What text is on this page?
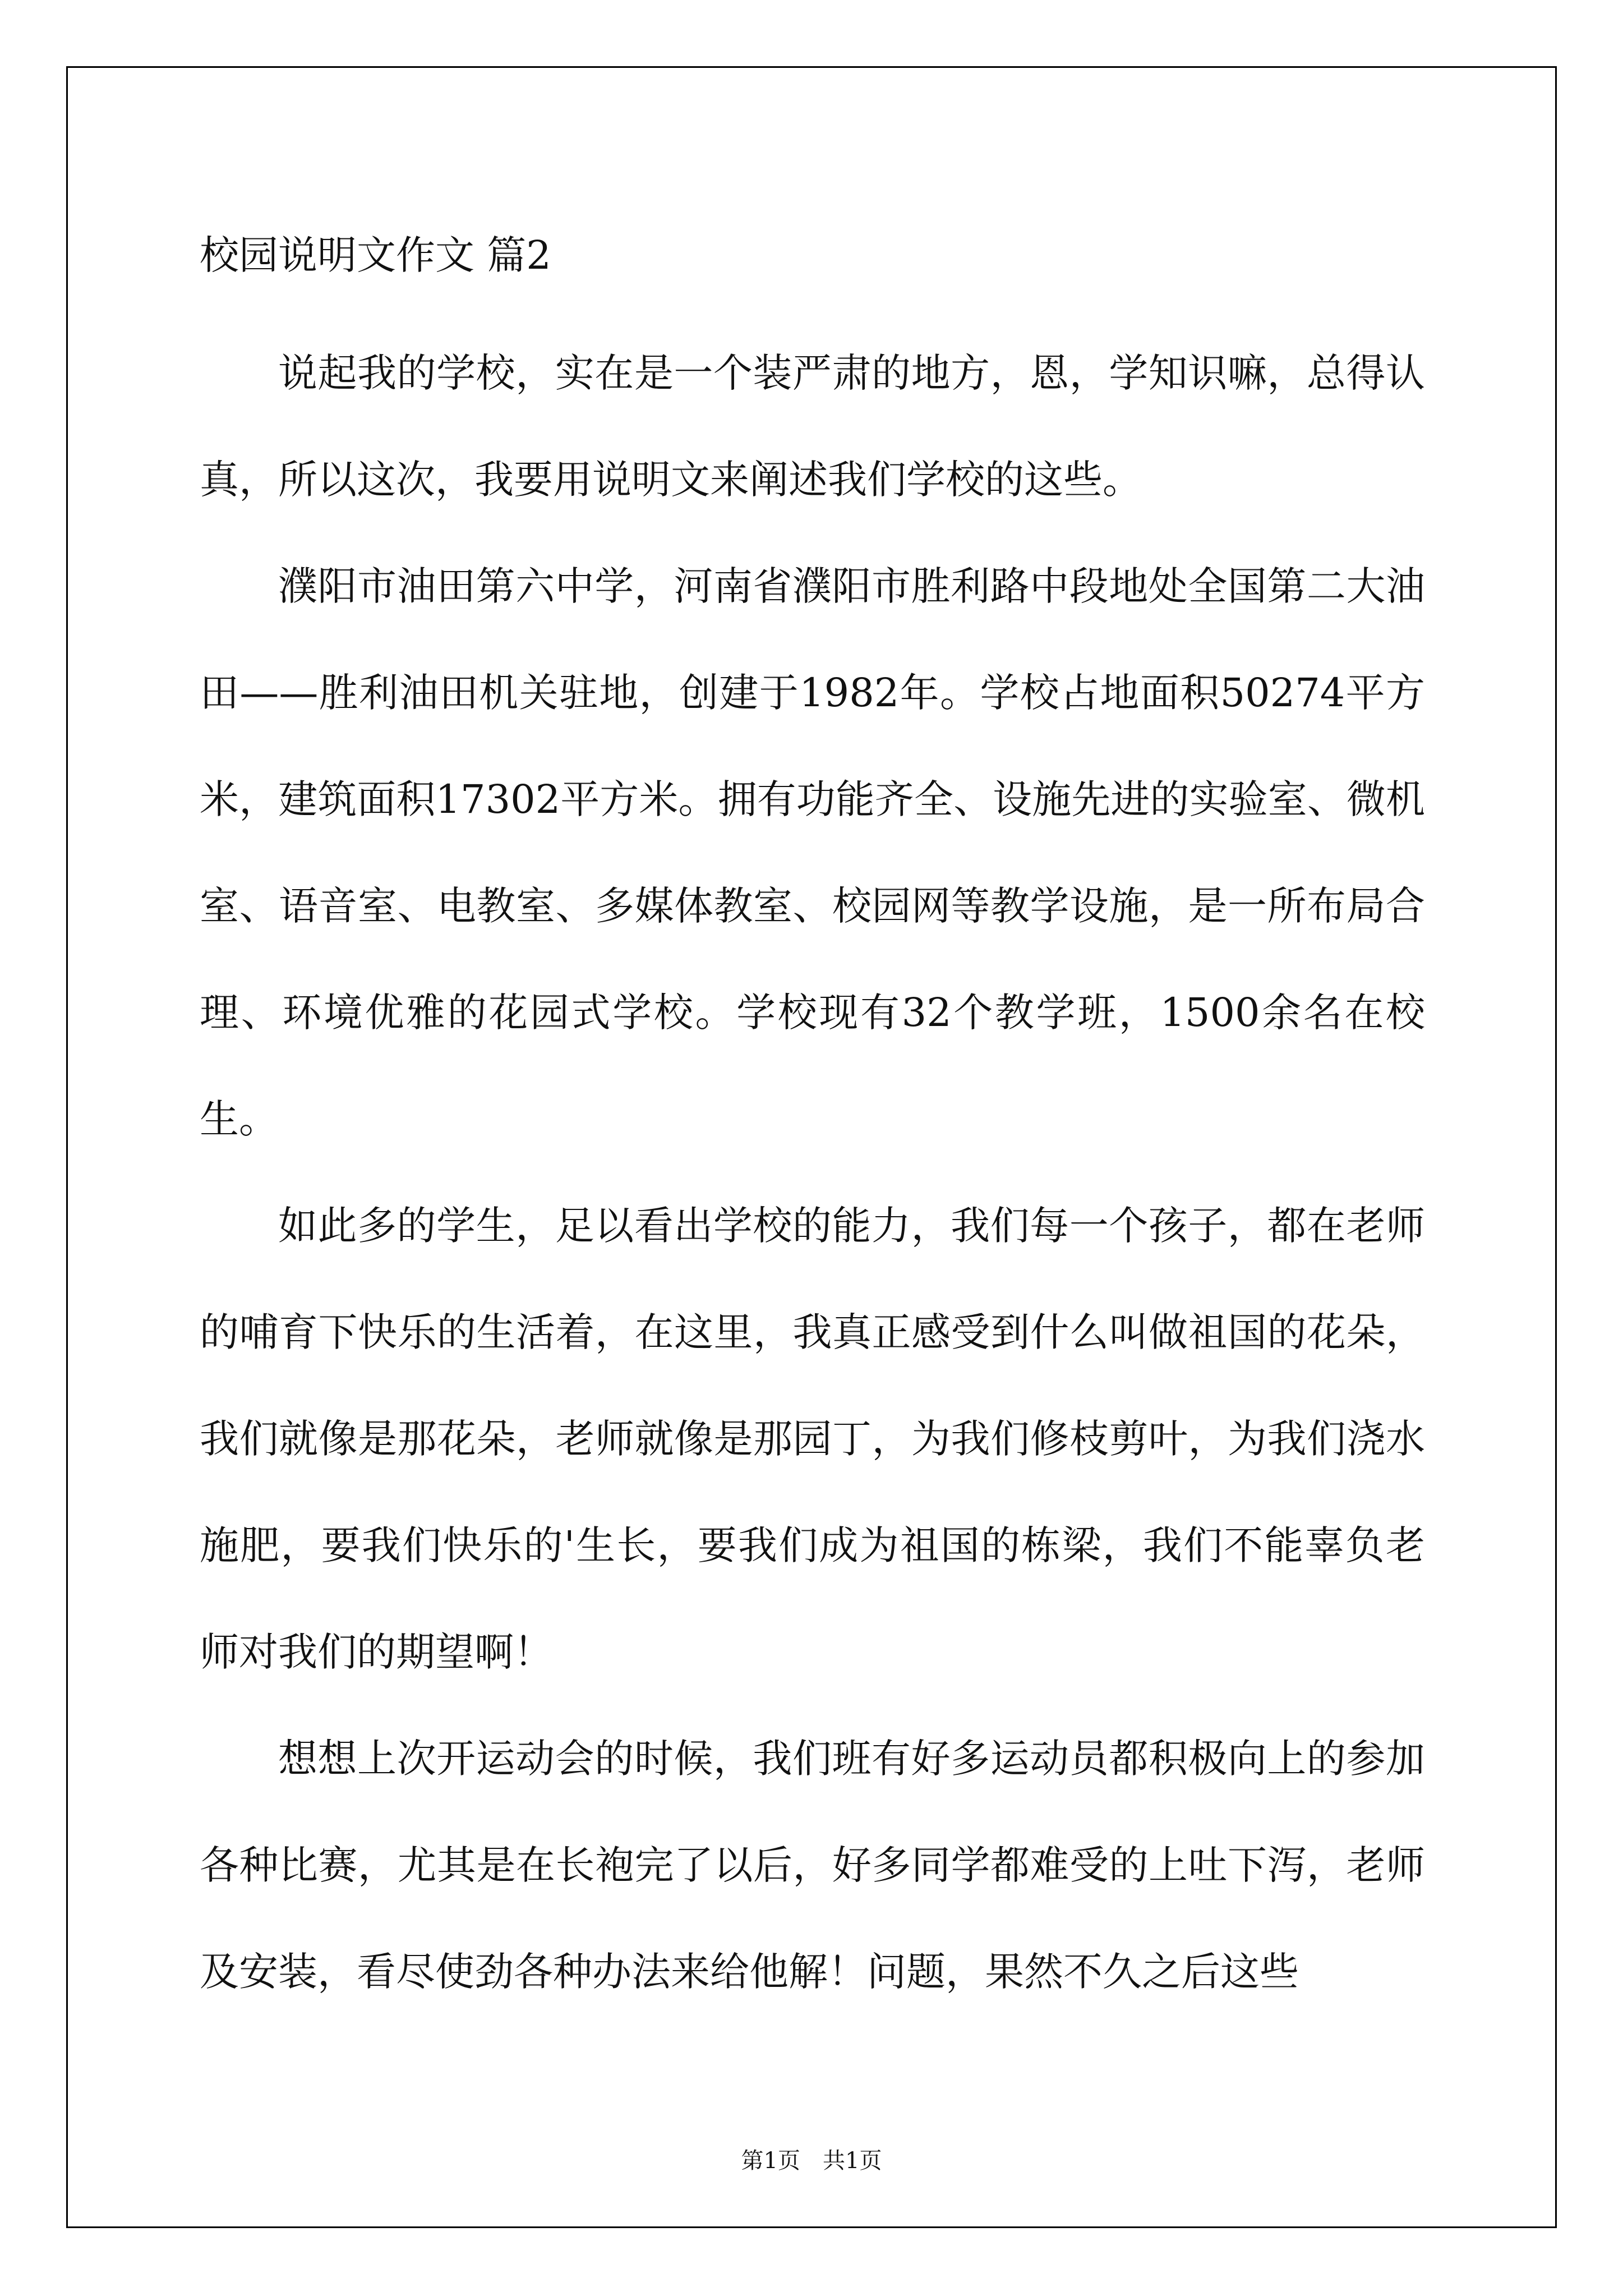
校园说明文作文 篇2

说起我的学校，实在是一个装严肃的地方，恩，学知识嘛，总得认真，所以这次，我要用说明文来阐述我们学校的这些。

濮阳市油田第六中学，河南省濮阳市胜利路中段地处全国第二大油田——胜利油田机关驻地，创建于1982年。学校占地面积50274平方米，建筑面积17302平方米。拥有功能齐全、设施先进的实验室、微机室、语音室、电教室、多媒体教室、校园网等教学设施，是一所布局合理、环境优雅的花园式学校。学校现有32个教学班，1500余名在校生。

如此多的学生，足以看出学校的能力，我们每一个孩子，都在老师的哺育下快乐的生活着，在这里，我真正感受到什么叫做祖国的花朵，我们就像是那花朵，老师就像是那园丁，为我们修枝剪叶，为我们浇水施肥，要我们快乐的'生长，要我们成为祖国的栋梁，我们不能辜负老师对我们的期望啊！

想想上次开运动会的时候，我们班有好多运动员都积极向上的参加各种比赛，尤其是在长袍完了以后，好多同学都难受的上吐下泻，老师及安装，看尽使劲各种办法来给他解！问题，果然不久之后这些

第1页　共1页
